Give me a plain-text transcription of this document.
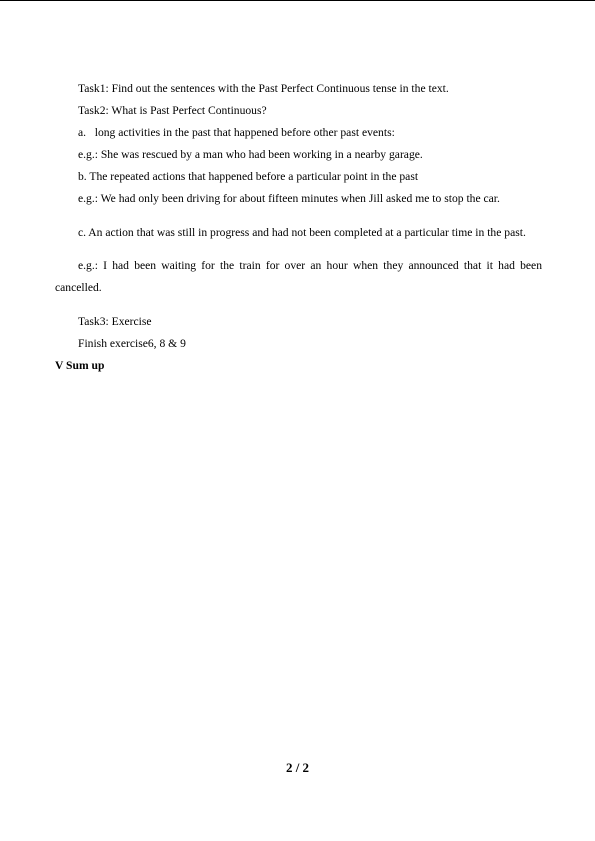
Task1: Find out the sentences with the Past Perfect Continuous tense in the text.

Task2: What is Past Perfect Continuous?

a.   long activities in the past that happened before other past events:

e.g.: She was rescued by a man who had been working in a nearby garage.

b. The repeated actions that happened before a particular point in the past

e.g.: We had only been driving for about fifteen minutes when Jill asked me to stop the car.

c. An action that was still in progress and had not been completed at a particular time in the past.

e.g.: I had been waiting for the train for over an hour when they announced that it had been cancelled.

Task3: Exercise

Finish exercise6, 8 & 9

V Sum up

2 / 2
